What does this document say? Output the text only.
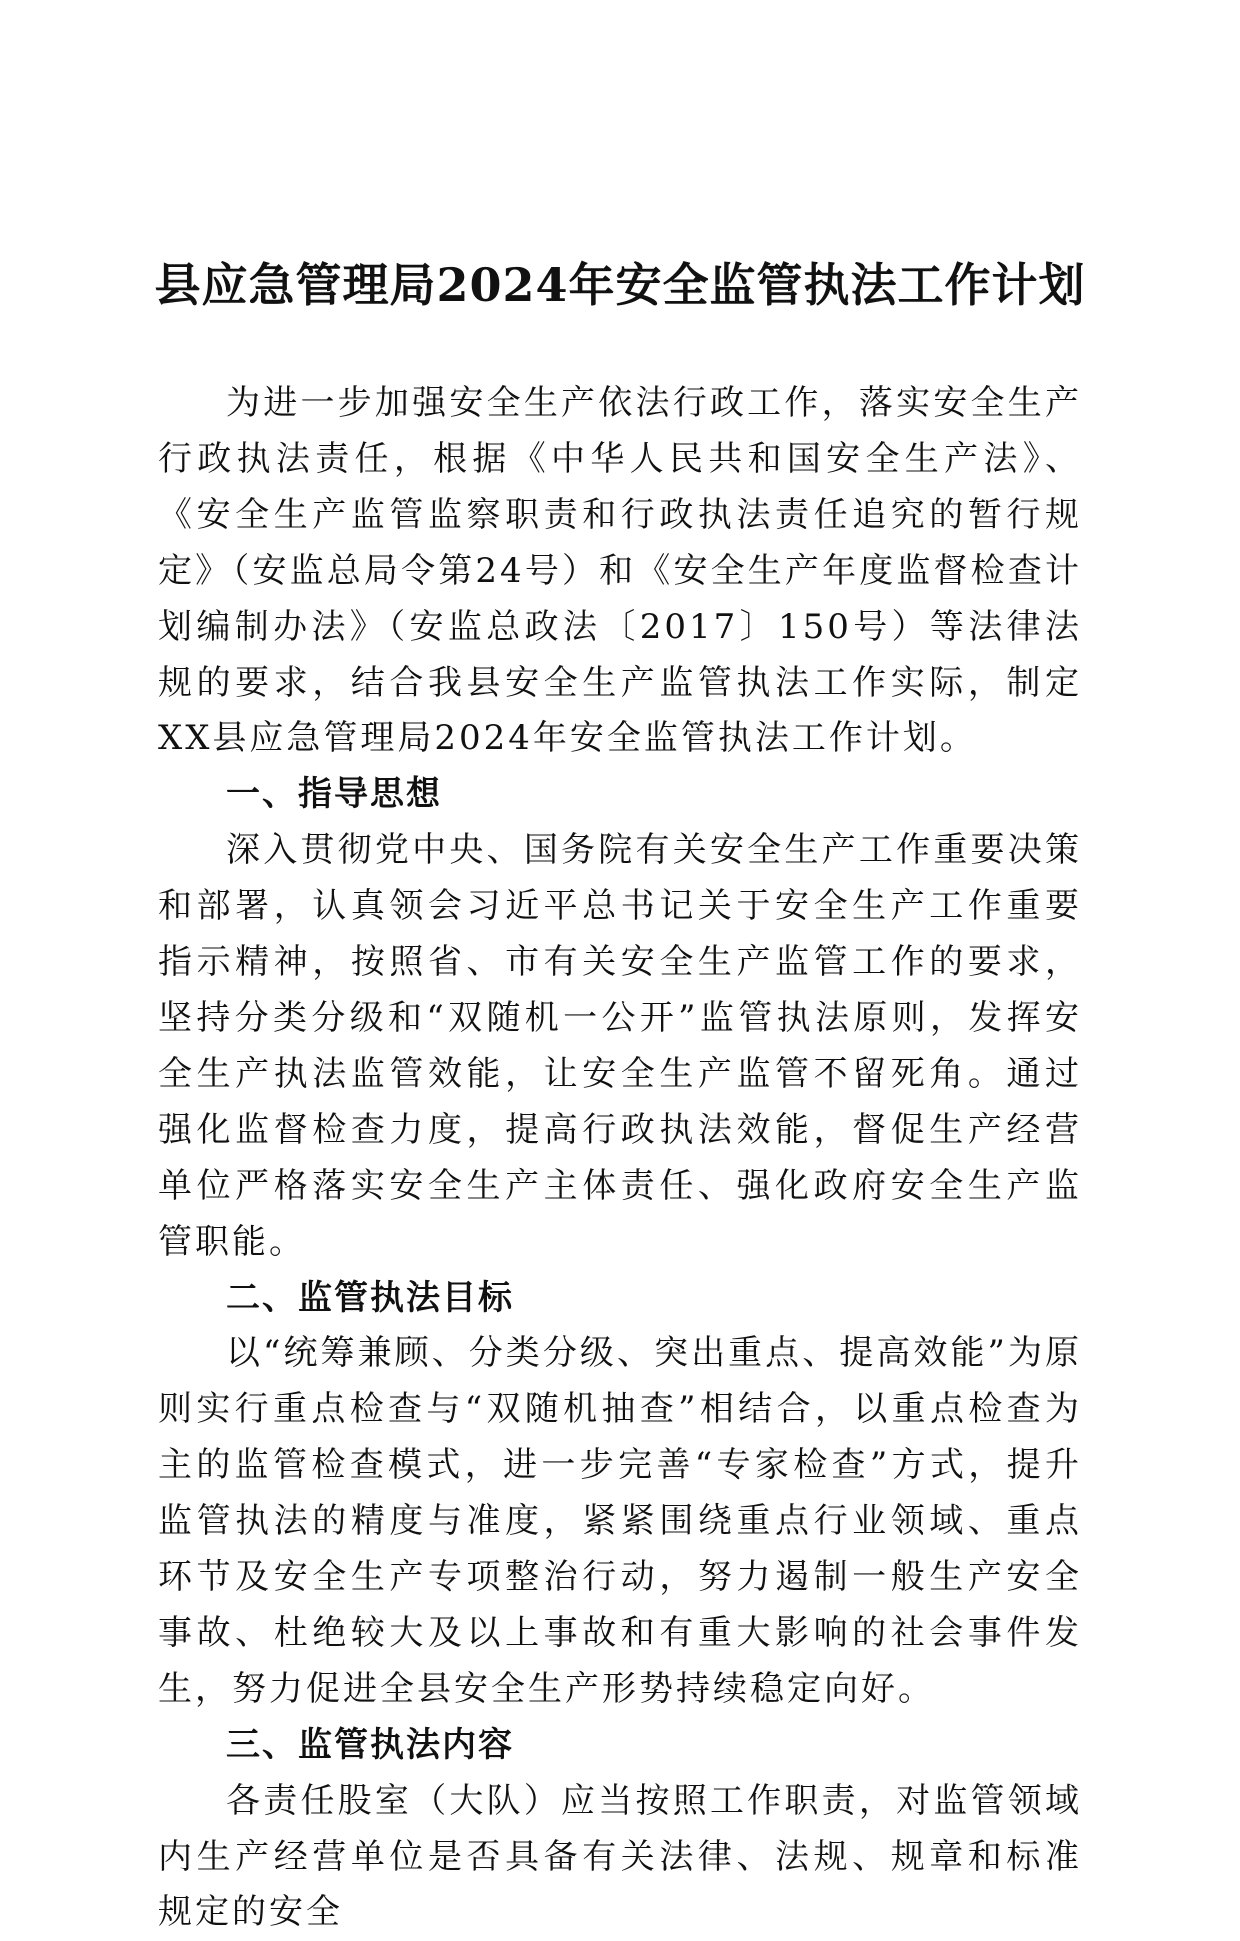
县应急管理局2024年安全监管执法工作计划

为进一步加强安全生产依法行政工作，落实安全生产行政执法责任，根据《中华人民共和国安全生产法》、《安全生产监管监察职责和行政执法责任追究的暂行规定》（安监总局令第24号）和《安全生产年度监督检查计划编制办法》（安监总政法〔2017〕150号）等法律法规的要求，结合我县安全生产监管执法工作实际，制定XX县应急管理局2024年安全监管执法工作计划。

一、指导思想

深入贯彻党中央、国务院有关安全生产工作重要决策和部署，认真领会习近平总书记关于安全生产工作重要指示精神，按照省、市有关安全生产监管工作的要求，坚持分类分级和“双随机一公开”监管执法原则，发挥安全生产执法监管效能，让安全生产监管不留死角。通过强化监督检查力度，提高行政执法效能，督促生产经营单位严格落实安全生产主体责任、强化政府安全生产监管职能。

二、监管执法目标

以“统筹兼顾、分类分级、突出重点、提高效能”为原则实行重点检查与“双随机抽查”相结合，以重点检查为主的监管检查模式，进一步完善“专家检查”方式，提升监管执法的精度与准度，紧紧围绕重点行业领域、重点环节及安全生产专项整治行动，努力遏制一般生产安全事故、杜绝较大及以上事故和有重大影响的社会事件发生，努力促进全县安全生产形势持续稳定向好。

三、监管执法内容

各责任股室（大队）应当按照工作职责，对监管领域内生产经营单位是否具备有关法律、法规、规章和标准规定的安全
